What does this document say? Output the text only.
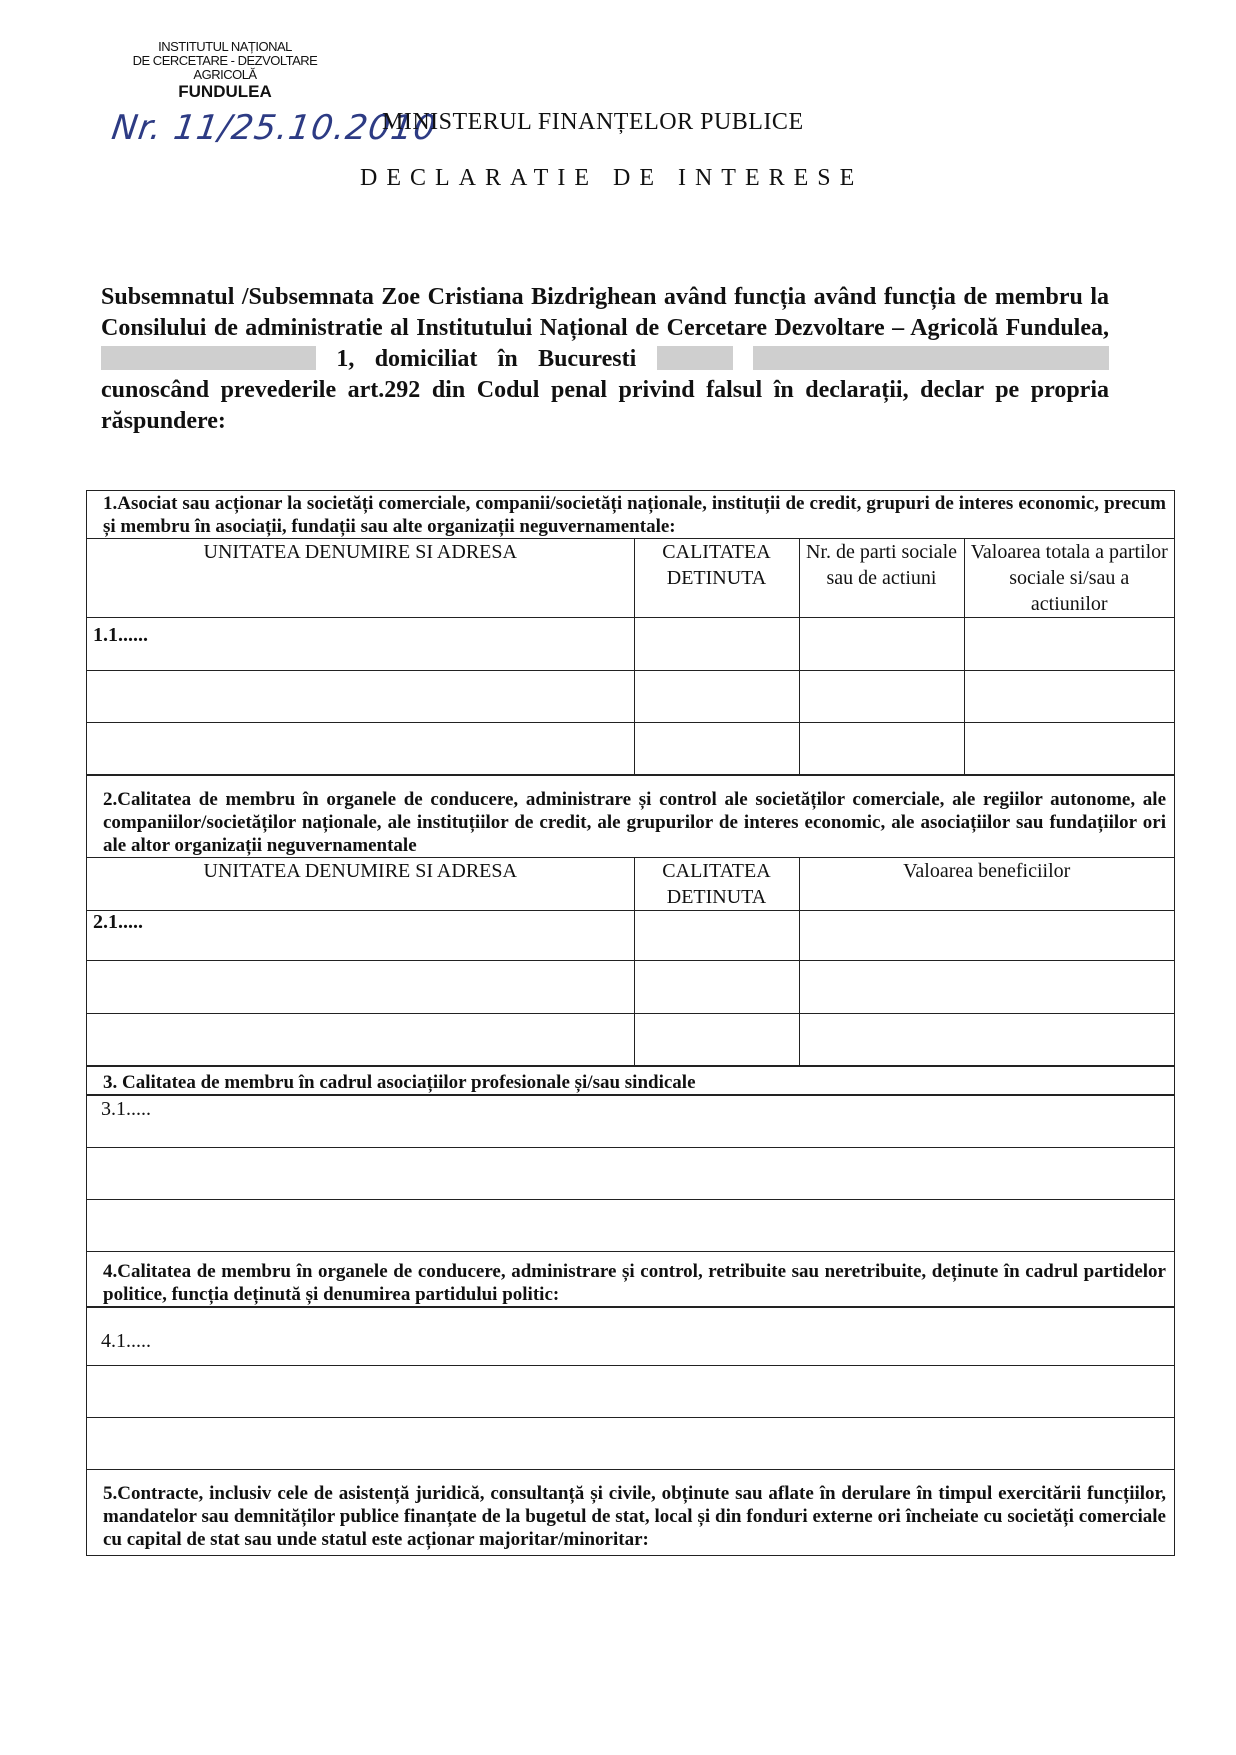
INSTITUTUL NAȚIONAL
DE CERCETARE - DEZVOLTARE
AGRICOLĂ
FUNDULEA
Nr. 11/25.10.2010
MINISTERUL FINANȚELOR PUBLICE
DECLARATIE DE INTERESE
Subsemnatul /Subsemnata Zoe Cristiana Bizdrighean având funcția având funcția de membru la Consilului de administratie al Institutului Național de Cercetare Dezvoltare – Agricolă Fundulea,  1, domiciliat în Bucuresti   cunoscând prevederile art.292 din Codul penal privind falsul în declarații, declar pe propria răspundere:
1.Asociat sau acționar la societăți comerciale, companii/societăți naționale, instituții de credit, grupuri de interes economic, precum și membru în asociații, fundații sau alte organizații neguvernamentale:
UNITATEA DENUMIRE SI ADRESA	CALITATEA DETINUTA	Nr. de parti sociale sau de actiuni	Valoarea totala a partilor sociale si/sau a actiunilor
1.1......			

2.Calitatea de membru în organele de conducere, administrare și control ale societăților comerciale, ale regiilor autonome, ale companiilor/societăților naționale, ale instituțiilor de credit, ale grupurilor de interes economic, ale asociațiilor sau fundațiilor ori ale altor organizații neguvernamentale
UNITATEA DENUMIRE SI ADRESA	CALITATEA DETINUTA	Valoarea beneficiilor
2.1.....		

3. Calitatea de membru în cadrul asociațiilor profesionale și/sau sindicale
3.1.....
4.Calitatea de membru în organele de conducere, administrare și control, retribuite sau neretribuite, deținute în cadrul partidelor politice, funcția deținută și denumirea partidului politic:
4.1.....
5.Contracte, inclusiv cele de asistență juridică, consultanță și civile, obținute sau aflate în derulare în timpul exercitării funcțiilor, mandatelor sau demnităților publice finanțate de la bugetul de stat, local și din fonduri externe ori încheiate cu societăți comerciale cu capital de stat sau unde statul este acționar majoritar/minoritar:
